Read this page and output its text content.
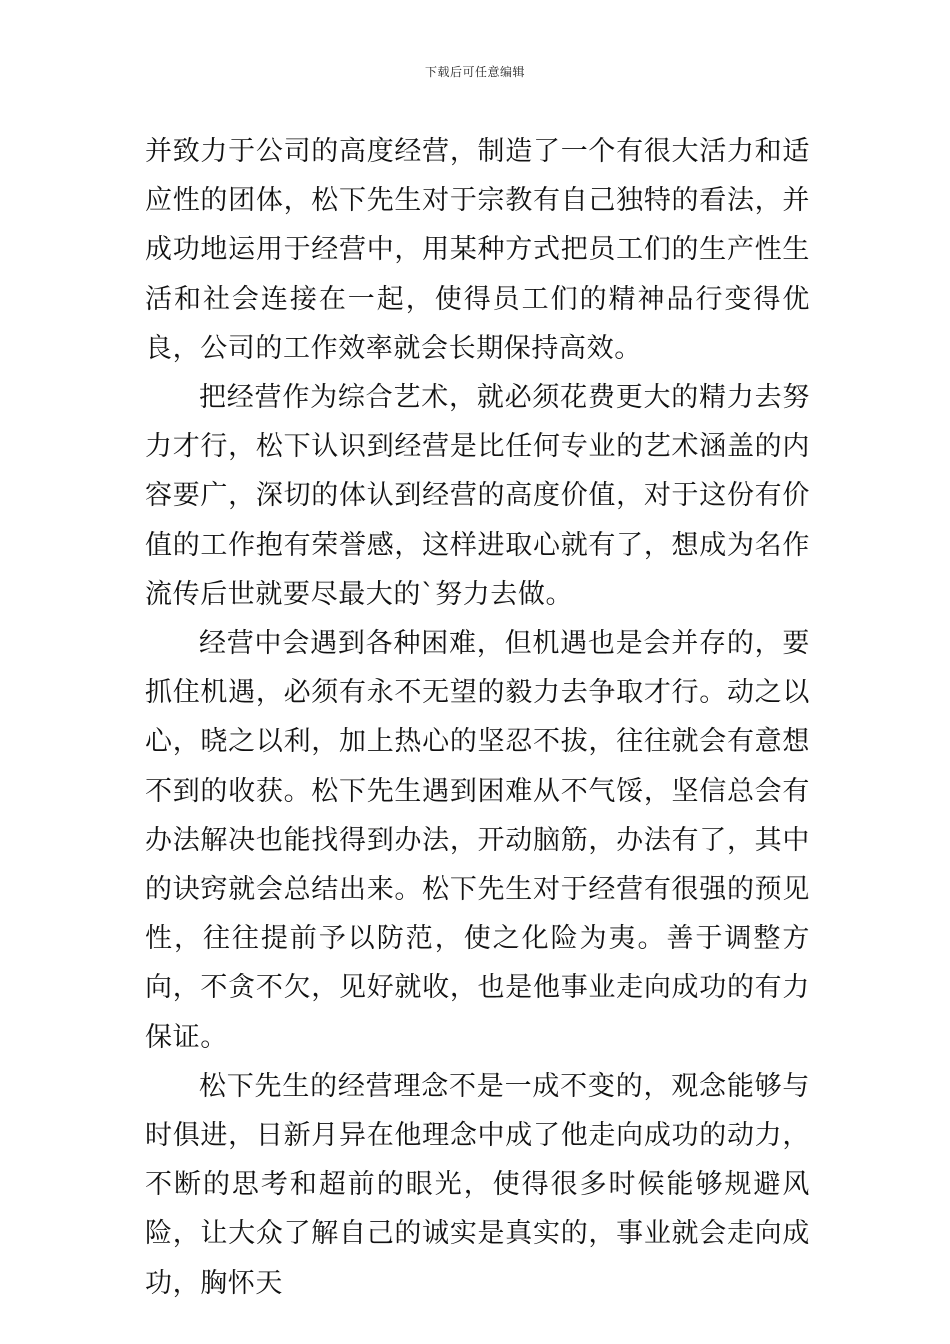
下载后可任意编辑

并致力于公司的高度经营，制造了一个有很大活力和适应性的团体，松下先生对于宗教有自己独特的看法，并成功地运用于经营中，用某种方式把员工们的生产性生活和社会连接在一起，使得员工们的精神品行变得优良，公司的工作效率就会长期保持高效。

把经营作为综合艺术，就必须花费更大的精力去努力才行，松下认识到经营是比任何专业的艺术涵盖的内容要广，深切的体认到经营的高度价值，对于这份有价值的工作抱有荣誉感，这样进取心就有了，想成为名作流传后世就要尽最大的`努力去做。

经营中会遇到各种困难，但机遇也是会并存的，要抓住机遇，必须有永不无望的毅力去争取才行。动之以心，晓之以利，加上热心的坚忍不拔，往往就会有意想不到的收获。松下先生遇到困难从不气馁，坚信总会有办法解决也能找得到办法，开动脑筋，办法有了，其中的诀窍就会总结出来。松下先生对于经营有很强的预见性，往往提前予以防范，使之化险为夷。善于调整方向，不贪不欠，见好就收，也是他事业走向成功的有力保证。

松下先生的经营理念不是一成不变的，观念能够与时俱进，日新月异在他理念中成了他走向成功的动力，不断的思考和超前的眼光，使得很多时候能够规避风险，让大众了解自己的诚实是真实的，事业就会走向成功，胸怀天
